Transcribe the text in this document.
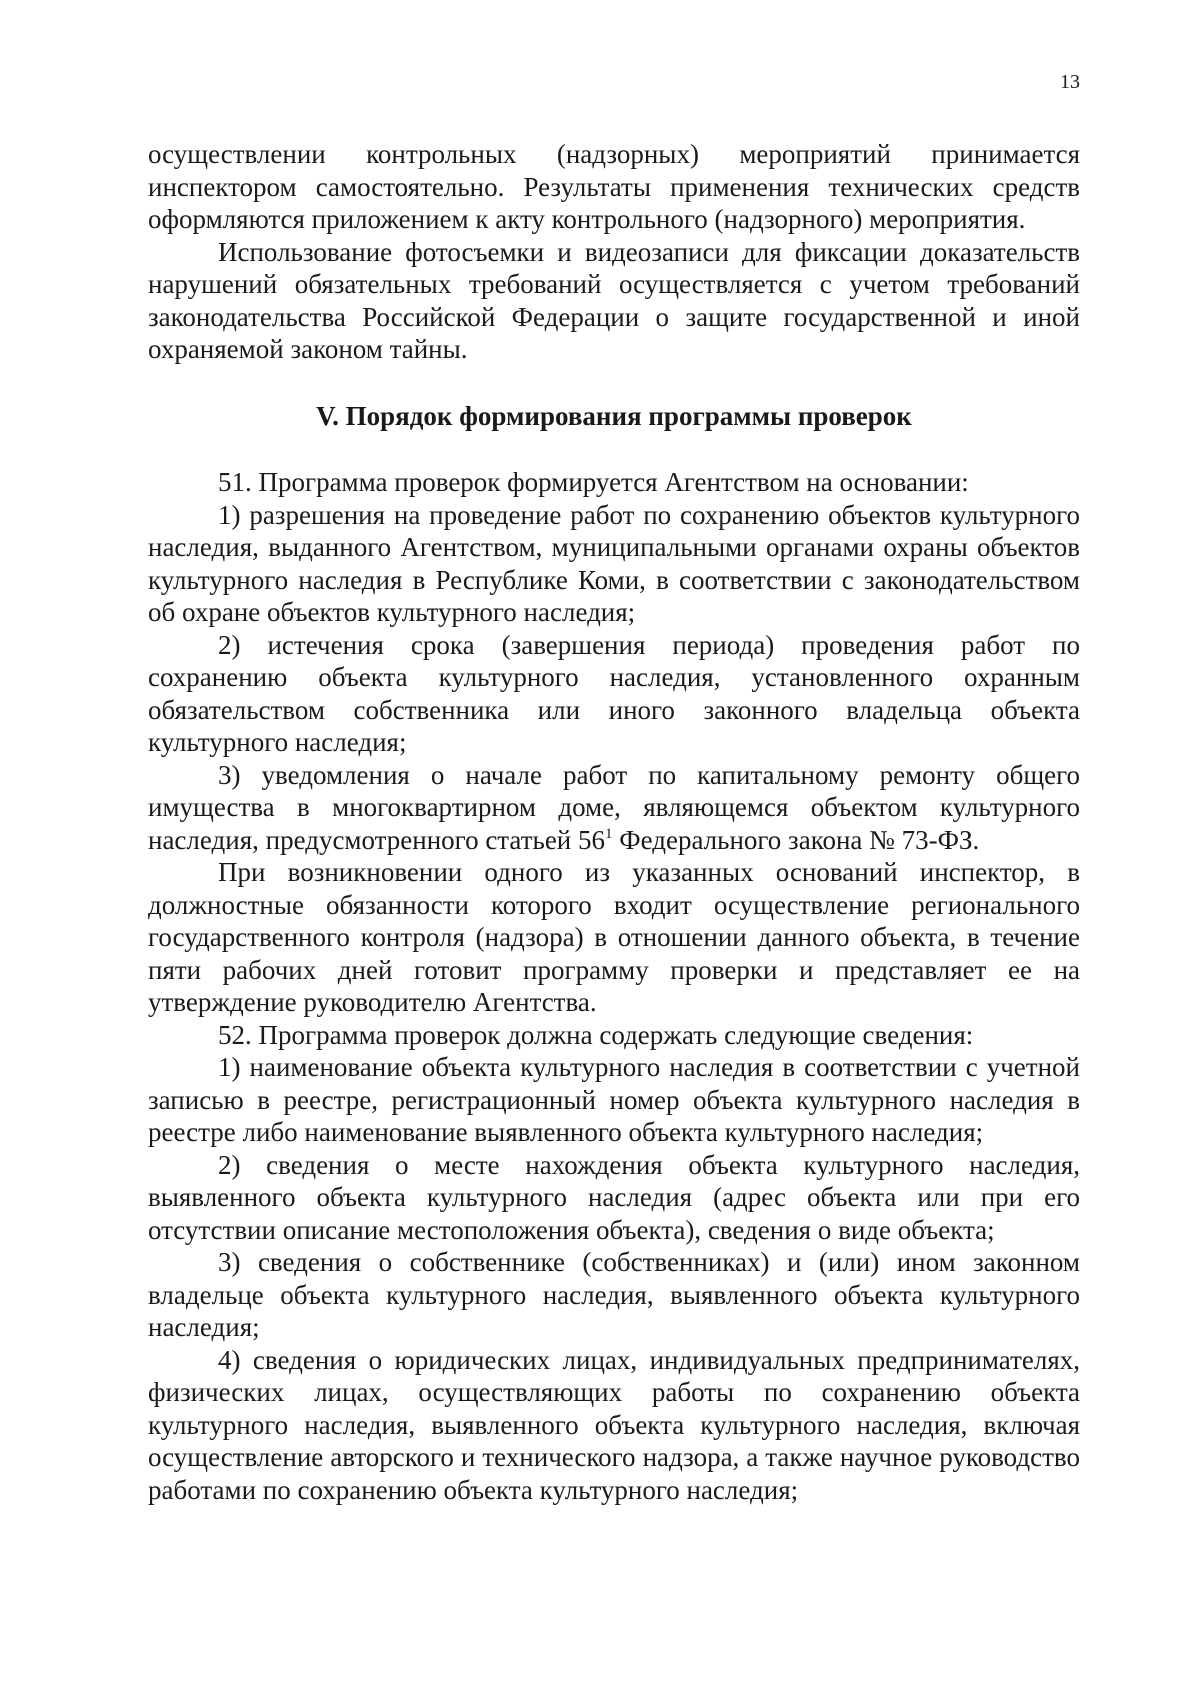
13

осуществлении контрольных (надзорных) мероприятий принимается инспектором самостоятельно. Результаты применения технических средств оформляются приложением к акту контрольного (надзорного) мероприятия.

Использование фотосъемки и видеозаписи для фиксации доказательств нарушений обязательных требований осуществляется с учетом требований законодательства Российской Федерации о защите государственной и иной охраняемой законом тайны.

V. Порядок формирования программы проверок

51. Программа проверок формируется Агентством на основании:

1) разрешения на проведение работ по сохранению объектов культурного наследия, выданного Агентством, муниципальными органами охраны объектов культурного наследия в Республике Коми, в соответствии с законодательством об охране объектов культурного наследия;

2) истечения срока (завершения периода) проведения работ по сохранению объекта культурного наследия, установленного охранным обязательством собственника или иного законного владельца объекта культурного наследия;

3) уведомления о начале работ по капитальному ремонту общего имущества в многоквартирном доме, являющемся объектом культурного наследия, предусмотренного статьей $56^1$ Федерального закона № 73-ФЗ.

При возникновении одного из указанных оснований инспектор, в должностные обязанности которого входит осуществление регионального государственного контроля (надзора) в отношении данного объекта, в течение пяти рабочих дней готовит программу проверки и представляет ее на утверждение руководителю Агентства.

52. Программа проверок должна содержать следующие сведения:

1) наименование объекта культурного наследия в соответствии с учетной записью в реестре, регистрационный номер объекта культурного наследия в реестре либо наименование выявленного объекта культурного наследия;

2) сведения о месте нахождения объекта культурного наследия, выявленного объекта культурного наследия (адрес объекта или при его отсутствии описание местоположения объекта), сведения о виде объекта;

3) сведения о собственнике (собственниках) и (или) ином законном владельце объекта культурного наследия, выявленного объекта культурного наследия;

4) сведения о юридических лицах, индивидуальных предпринимателях, физических лицах, осуществляющих работы по сохранению объекта культурного наследия, выявленного объекта культурного наследия, включая осуществление авторского и технического надзора, а также научное руководство работами по сохранению объекта культурного наследия;
